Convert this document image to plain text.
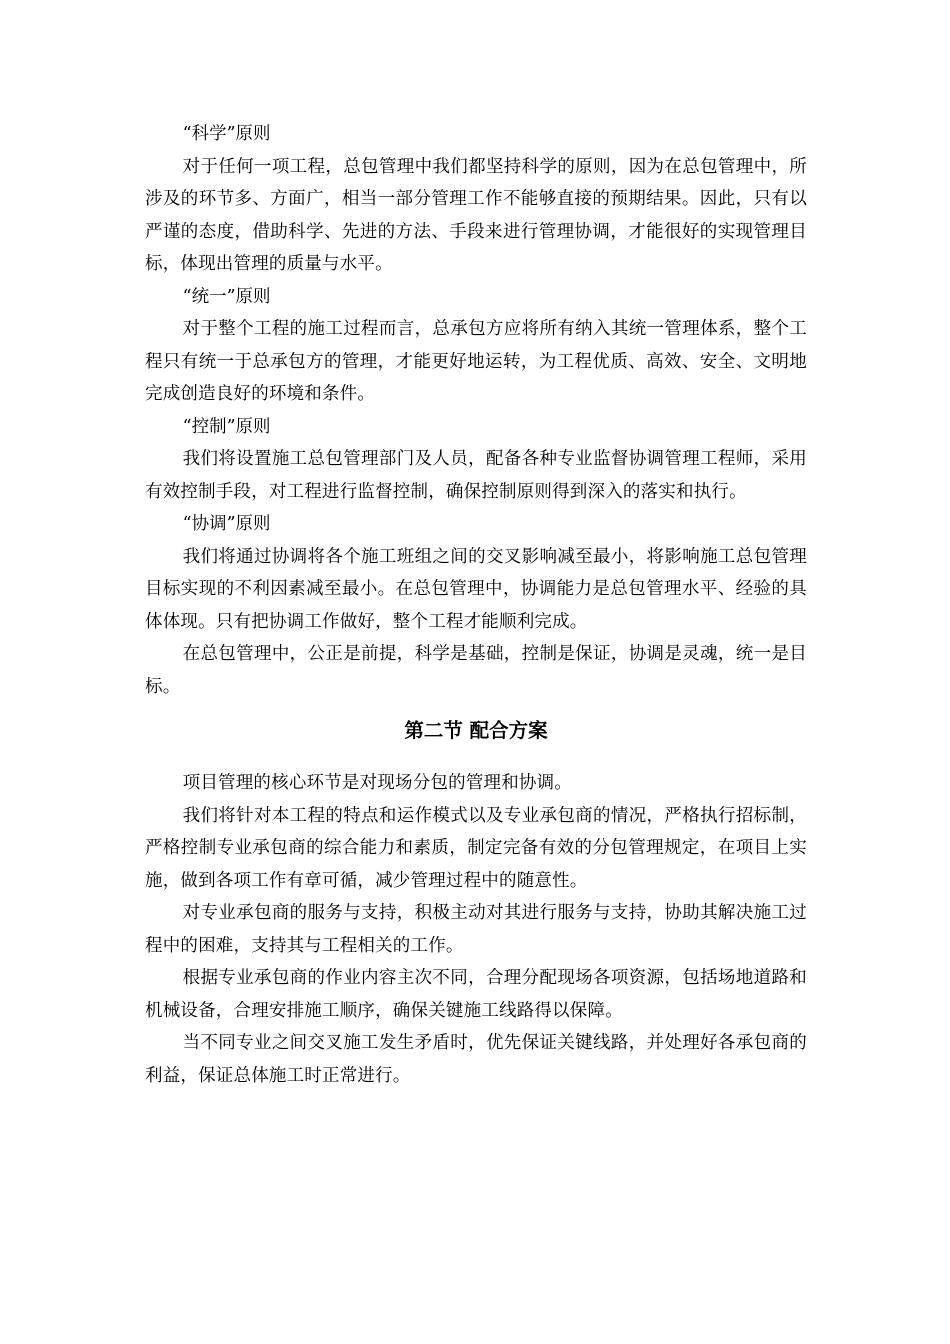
“科学”原则

对于任何一项工程，总包管理中我们都坚持科学的原则，因为在总包管理中，所涉及的环节多、方面广，相当一部分管理工作不能够直接的预期结果。因此，只有以严谨的态度，借助科学、先进的方法、手段来进行管理协调，才能很好的实现管理目标，体现出管理的质量与水平。

“统一”原则

对于整个工程的施工过程而言，总承包方应将所有纳入其统一管理体系，整个工程只有统一于总承包方的管理，才能更好地运转，为工程优质、高效、安全、文明地完成创造良好的环境和条件。

“控制”原则

我们将设置施工总包管理部门及人员，配备各种专业监督协调管理工程师，采用有效控制手段，对工程进行监督控制，确保控制原则得到深入的落实和执行。

“协调”原则

我们将通过协调将各个施工班组之间的交叉影响减至最小，将影响施工总包管理目标实现的不利因素减至最小。在总包管理中，协调能力是总包管理水平、经验的具体体现。只有把协调工作做好，整个工程才能顺利完成。

在总包管理中，公正是前提，科学是基础，控制是保证，协调是灵魂，统一是目标。

第二节 配合方案

项目管理的核心环节是对现场分包的管理和协调。

我们将针对本工程的特点和运作模式以及专业承包商的情况，严格执行招标制，严格控制专业承包商的综合能力和素质，制定完备有效的分包管理规定，在项目上实施，做到各项工作有章可循，减少管理过程中的随意性。

对专业承包商的服务与支持，积极主动对其进行服务与支持，协助其解决施工过程中的困难，支持其与工程相关的工作。

根据专业承包商的作业内容主次不同，合理分配现场各项资源，包括场地道路和机械设备，合理安排施工顺序，确保关键施工线路得以保障。

当不同专业之间交叉施工发生矛盾时，优先保证关键线路，并处理好各承包商的利益，保证总体施工时正常进行。
